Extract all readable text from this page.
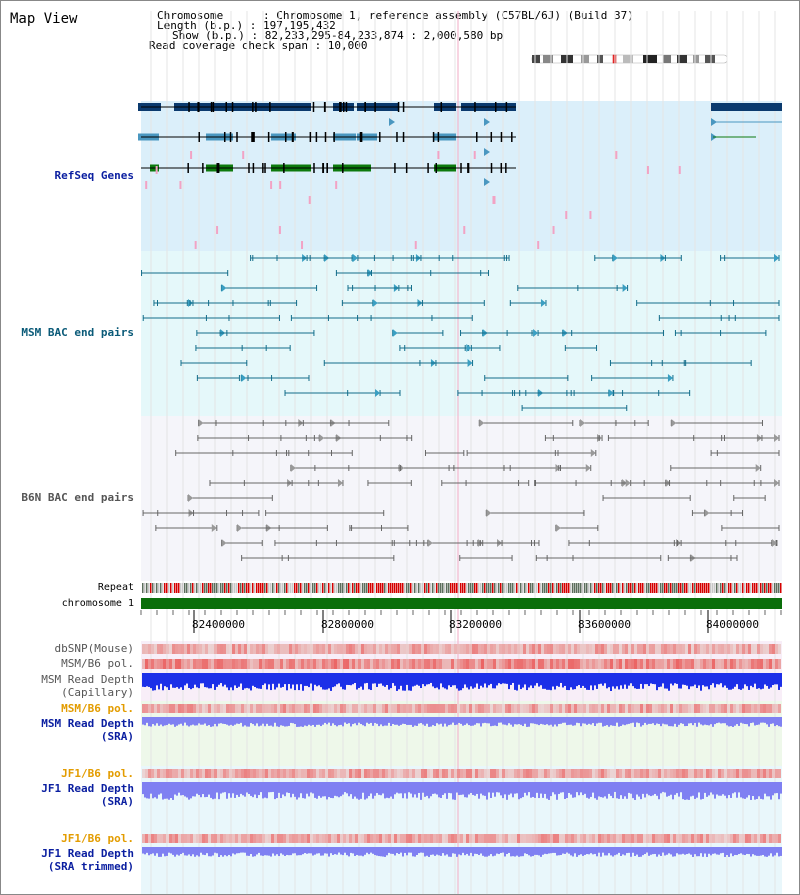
Map View	Chromosome      : Chromosome 1, reference assembly (C57BL/6J) (Build 37)
Length (b.p.) : 197,195,432
Show (b.p.) : 82,233,295-84,233,874 : 2,000,580 bp
Read coverage check span : 10,000
RefSeq Genes
MSM BAC end pairs
B6N BAC end pairs
Repeat
chromosome 1
82400000	82800000	83200000	83600000	84000000
dbSNP(Mouse)
MSM/B6 pol.
MSM Read Depth
(Capillary)
MSM/B6 pol.
MSM Read Depth
(SRA)
JF1/B6 pol.
JF1 Read Depth
(SRA)
JF1/B6 pol.
JF1 Read Depth
(SRA trimmed)
